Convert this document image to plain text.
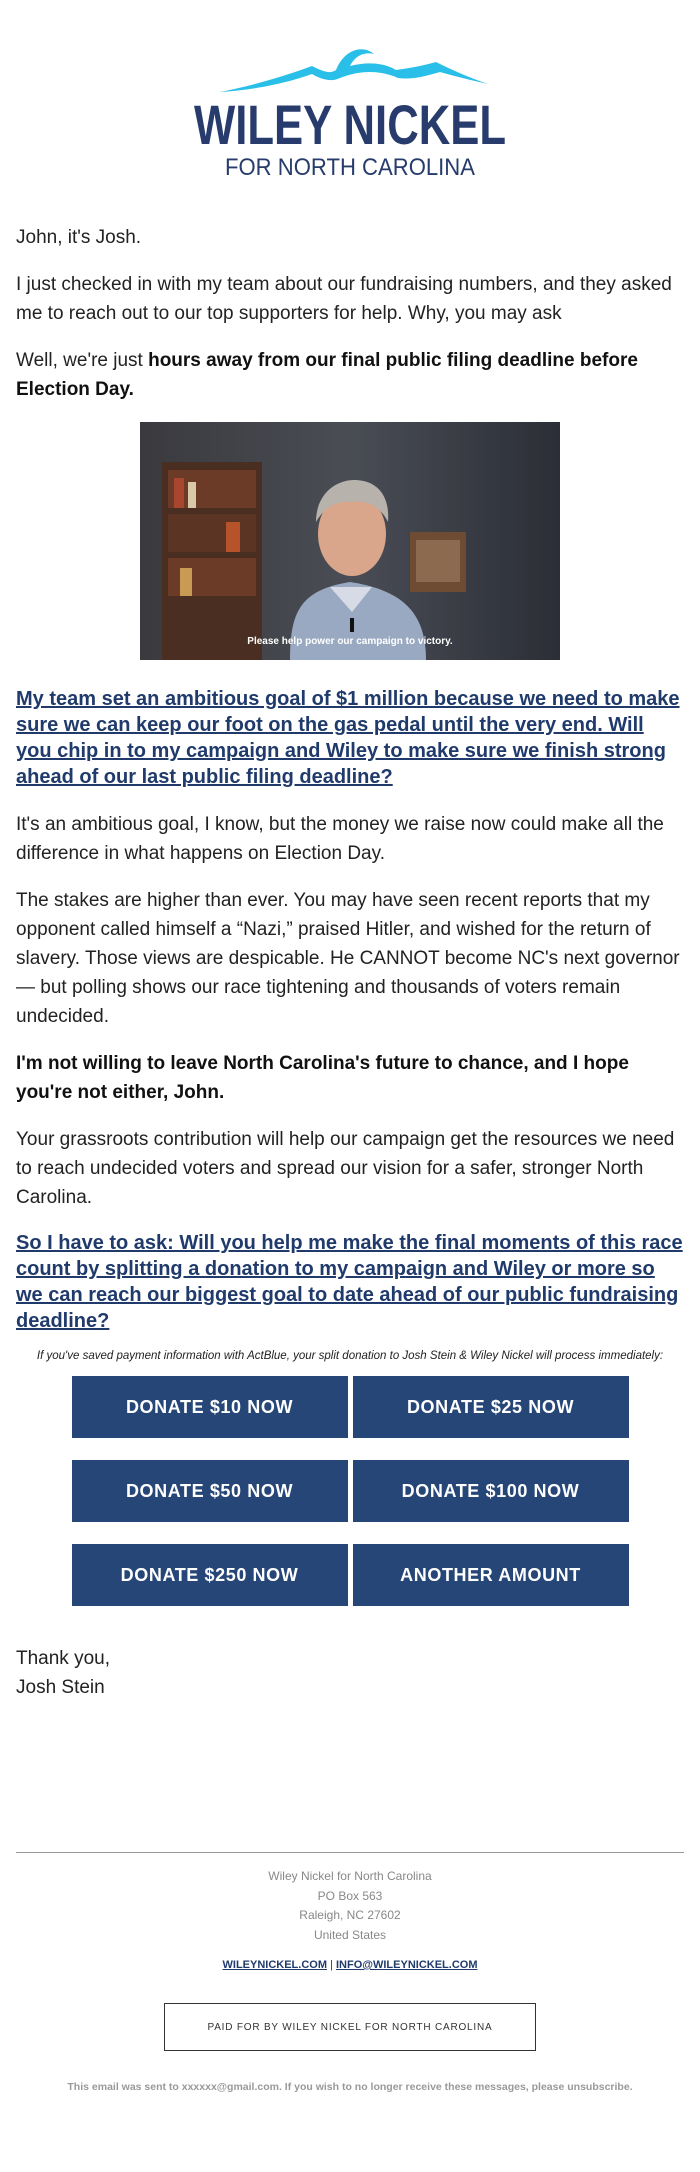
WILEY NICKEL
FOR NORTH CAROLINA

John, it's Josh.

I just checked in with my team about our fundraising numbers, and they asked me to reach out to our top supporters for help. Why, you may ask

Well, we're just hours away from our final public filing deadline before Election Day.

Please help power our campaign to victory.
My team set an ambitious goal of $1 million because we need to make sure we can keep our foot on the gas pedal until the very end. Will you chip in to my campaign and Wiley to make sure we finish strong ahead of our last public filing deadline?

It's an ambitious goal, I know, but the money we raise now could make all the difference in what happens on Election Day.

The stakes are higher than ever. You may have seen recent reports that my opponent called himself a “Nazi,” praised Hitler, and wished for the return of slavery. Those views are despicable. He CANNOT become NC's next governor — but polling shows our race tightening and thousands of voters remain undecided.

I'm not willing to leave North Carolina's future to chance, and I hope you're not either, John.

Your grassroots contribution will help our campaign get the resources we need to reach undecided voters and spread our vision for a safer, stronger North Carolina.

So I have to ask: Will you help me make the final moments of this race count by splitting a donation to my campaign and Wiley or more so we can reach our biggest goal to date ahead of our public fundraising deadline?
If you've saved payment information with ActBlue, your split donation to Josh Stein & Wiley Nickel will process immediately:
DONATE $10 NOW	DONATE $25 NOW
DONATE $50 NOW	DONATE $100 NOW
DONATE $250 NOW	ANOTHER AMOUNT
Thank you,
Josh Stein
Wiley Nickel for North Carolina
PO Box 563
Raleigh, NC 27602
United States
WILEYNICKEL.COM | INFO@WILEYNICKEL.COM
PAID FOR BY WILEY NICKEL FOR NORTH CAROLINA
This email was sent to xxxxxx@gmail.com. If you wish to no longer receive these messages, please unsubscribe.
